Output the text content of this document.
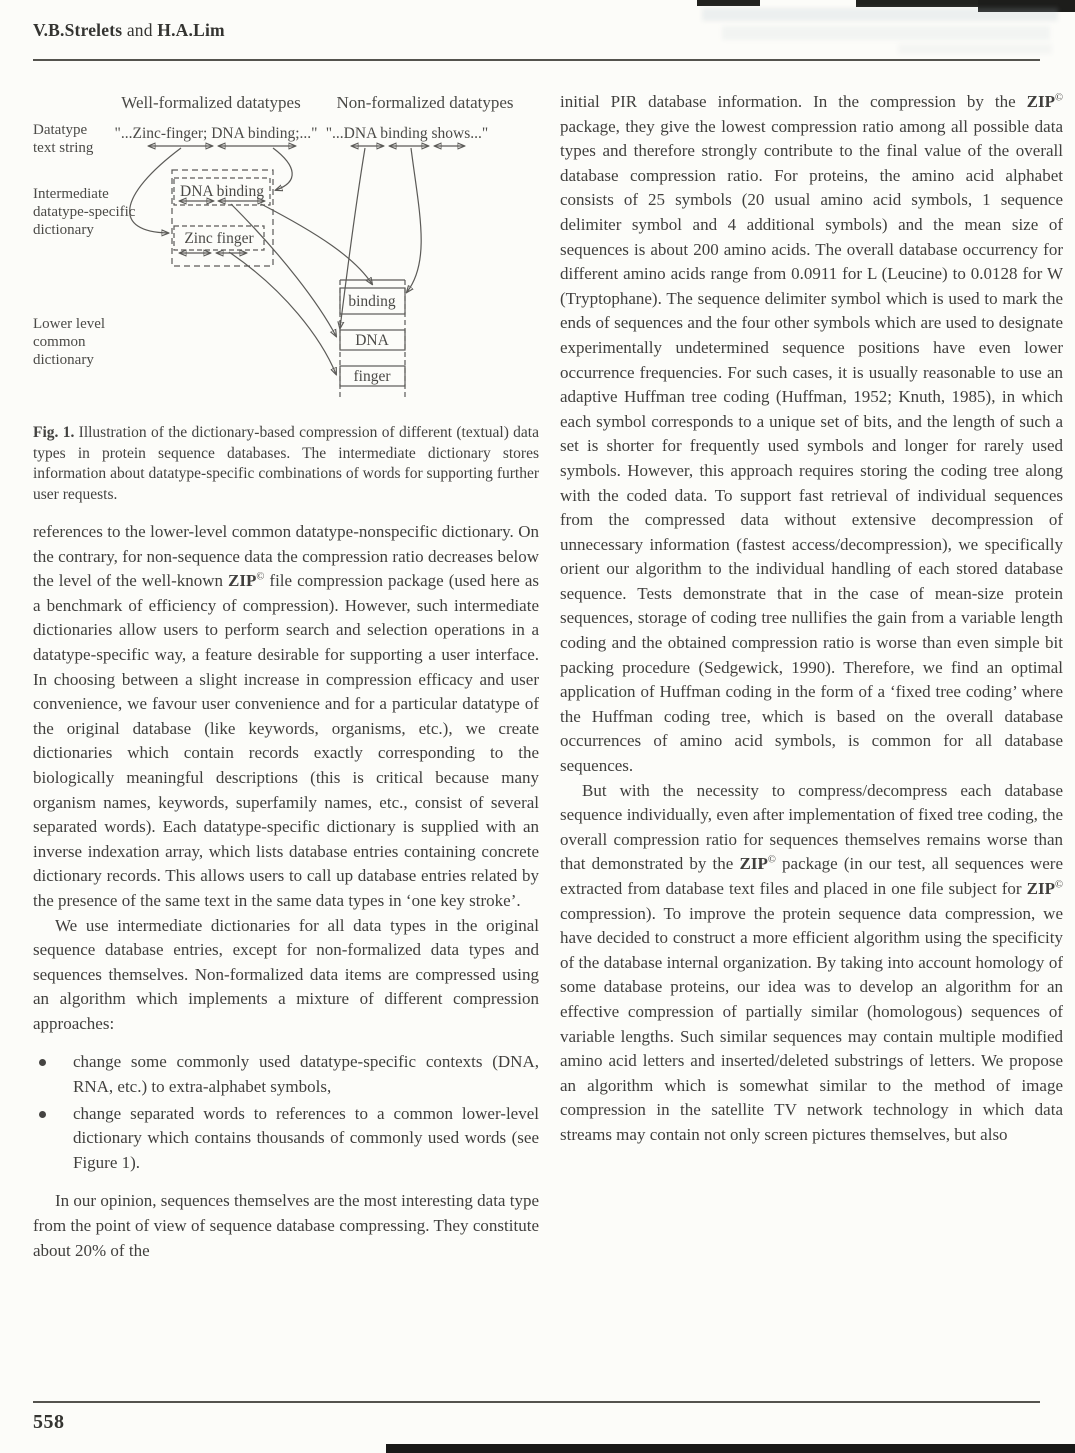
V.B.Strelets and H.A.Lim

Well-formalized datatypes Non-formalized datatypes
Datatype
text string
Intermediate
datatype-specific
dictionary
Lower level
common
dictionary
"...Zinc-finger; DNA binding;..." "...DNA binding shows..."
DNA binding
Zinc finger
binding
DNA
finger

Fig. 1. Illustration of the dictionary-based compression of different (textual) data types in protein sequence databases. The intermediate dictionary stores information about datatype-specific combinations of words for supporting further user requests.

references to the lower-level common datatype-nonspecific dictionary. On the contrary, for non-sequence data the compression ratio decreases below the level of the well-known ZIP© file compression package (used here as a benchmark of efficiency of compression). However, such intermediate dictionaries allow users to perform search and selection operations in a datatype-specific way, a feature desirable for supporting a user interface. In choosing between a slight increase in compression efficacy and user convenience, we favour user convenience and for a particular datatype of the original database (like keywords, organisms, etc.), we create dictionaries which contain records exactly corresponding to the biologically meaningful descriptions (this is critical because many organism names, keywords, superfamily names, etc., consist of several separated words). Each datatype-specific dictionary is supplied with an inverse indexation array, which lists database entries containing concrete dictionary records. This allows users to call up database entries related by the presence of the same text in the same data types in ‘one key stroke’.

We use intermediate dictionaries for all data types in the original sequence database entries, except for non-formalized data types and sequences themselves. Non-formalized data items are compressed using an algorithm which implements a mixture of different compression approaches:

change some commonly used datatype-specific contexts (DNA, RNA, etc.) to extra-alphabet symbols,
change separated words to references to a common lower-level dictionary which contains thousands of commonly used words (see Figure 1).

In our opinion, sequences themselves are the most interesting data type from the point of view of sequence database compressing. They constitute about 20% of the

initial PIR database information. In the compression by the ZIP© package, they give the lowest compression ratio among all possible data types and therefore strongly contribute to the final value of the overall database compression ratio. For proteins, the amino acid alphabet consists of 25 symbols (20 usual amino acid symbols, 1 sequence delimiter symbol and 4 additional symbols) and the mean size of sequences is about 200 amino acids. The overall database occurrency for different amino acids range from 0.0911 for L (Leucine) to 0.0128 for W (Tryptophane). The sequence delimiter symbol which is used to mark the ends of sequences and the four other symbols which are used to designate experimentally undetermined sequence positions have even lower occurrence frequencies. For such cases, it is usually reasonable to use an adaptive Huffman tree coding (Huffman, 1952; Knuth, 1985), in which each symbol corresponds to a unique set of bits, and the length of such a set is shorter for frequently used symbols and longer for rarely used symbols. However, this approach requires storing the coding tree along with the coded data. To support fast retrieval of individual sequences from the compressed data without extensive decompression of unnecessary information (fastest access/decompression), we specifically orient our algorithm to the individual handling of each stored database sequence. Tests demonstrate that in the case of mean-size protein sequences, storage of coding tree nullifies the gain from a variable length coding and the obtained compression ratio is worse than even simple bit packing procedure (Sedgewick, 1990). Therefore, we find an optimal application of Huffman coding in the form of a ‘fixed tree coding’ where the Huffman coding tree, which is based on the overall database occurrences of amino acid symbols, is common for all database sequences.

But with the necessity to compress/decompress each database sequence individually, even after implementation of fixed tree coding, the overall compression ratio for sequences themselves remains worse than that demonstrated by the ZIP© package (in our test, all sequences were extracted from database text files and placed in one file subject for ZIP© compression). To improve the protein sequence data compression, we have decided to construct a more efficient algorithm using the specificity of the database internal organization. By taking into account homology of some database proteins, our idea was to develop an algorithm for an effective compression of partially similar (homologous) sequences of variable lengths. Such similar sequences may contain multiple modified amino acid letters and inserted/deleted substrings of letters. We propose an algorithm which is somewhat similar to the method of image compression in the satellite TV network technology in which data streams may contain not only screen pictures themselves, but also

558
